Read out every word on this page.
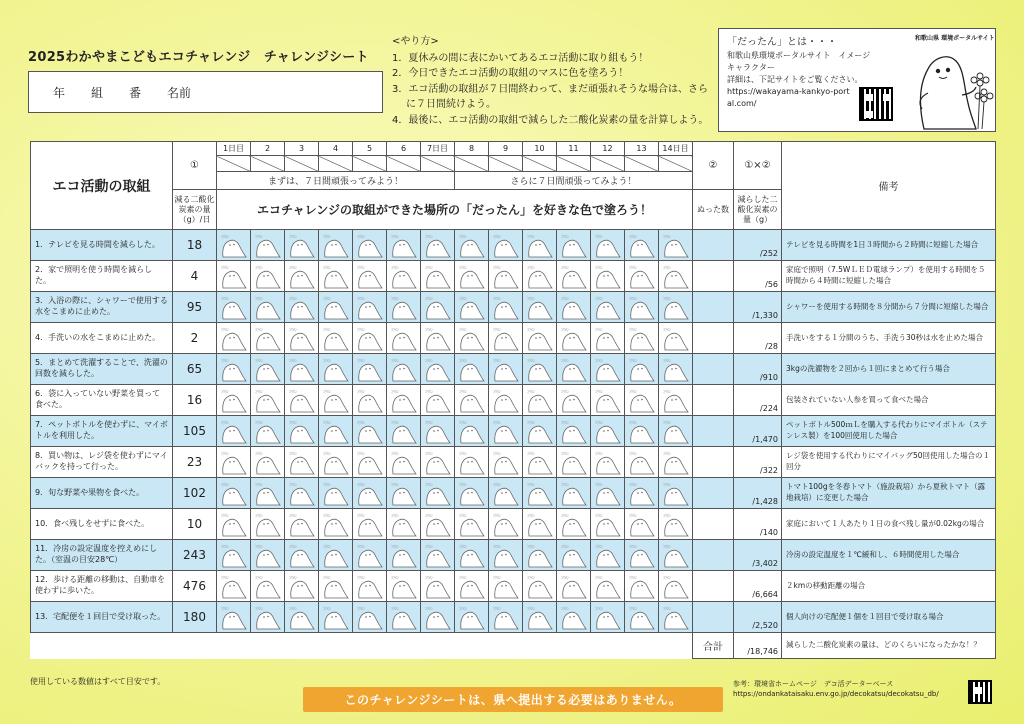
2025わかやまこどもエコチャレンジ　チャレンジシート
年 組 番 名前
<やり方>
1．夏休みの間に表にかいてあるエコ活動に取り組もう！
2．今日できたエコ活動の取組のマスに色を塗ろう！
3．エコ活動の取組が７日間終わって、まだ頑張れそうな場合は、さらに７日間続けよう。
4．最後に、エコ活動の取組で減らした二酸化炭素の量を計算しよう。
「だったん」とは・・・
和歌山県環境ポータルサイト　イメージキャラクター
詳細は、下記サイトをご覧ください。
https://wakayama-kankyo-portal.com/
和歌山県 環境ポータルサイト
エコ活動の取組	①	1日目	2	3	4	5	6	7日目	8	9	10	11	12	13	14日目	②	①×②	備考

		まずは、７日間頑張ってみよう！							さらに７日間頑張ってみよう！									
	減る二酸化炭素の量（g）/日	エコチャレンジの取組ができた場所の「だったん」を好きな色で塗ろう！														ぬった数	減らした二酸化炭素の量（g）	
1．テレビを見る時間を減らした。	18	ｺｳｶﾝ	ｺｳｶﾝ	ｺｳｶﾝ	ｺｳｶﾝ	ｺｳｶﾝ	ｺｳｶﾝ	ｺｳｶﾝ	ｺｳｶﾝ	ｺｳｶﾝ	ｺｳｶﾝ	ｺｳｶﾝ	ｺｳｶﾝ	ｺｳｶﾝ	ｺｳｶﾝ		/252	テレビを見る時間を1日３時間から２時間に短縮した場合
2．家で照明を使う時間を減らした。	4	ｺｳｶﾝ	ｺｳｶﾝ	ｺｳｶﾝ	ｺｳｶﾝ	ｺｳｶﾝ	ｺｳｶﾝ	ｺｳｶﾝ	ｺｳｶﾝ	ｺｳｶﾝ	ｺｳｶﾝ	ｺｳｶﾝ	ｺｳｶﾝ	ｺｳｶﾝ	ｺｳｶﾝ		/56	家庭で照明（7.5WＬＥＤ電球ランプ）を使用する時間を５時間から４時間に短縮した場合
3．入浴の際に、シャワーで使用する水をこまめに止めた。	95	ｺｳｶﾝ	ｺｳｶﾝ	ｺｳｶﾝ	ｺｳｶﾝ	ｺｳｶﾝ	ｺｳｶﾝ	ｺｳｶﾝ	ｺｳｶﾝ	ｺｳｶﾝ	ｺｳｶﾝ	ｺｳｶﾝ	ｺｳｶﾝ	ｺｳｶﾝ	ｺｳｶﾝ		/1,330	シャワーを使用する時間を８分間から７分間に短縮した場合
4．手洗いの水をこまめに止めた。	2	ｺｳｶﾝ	ｺｳｶﾝ	ｺｳｶﾝ	ｺｳｶﾝ	ｺｳｶﾝ	ｺｳｶﾝ	ｺｳｶﾝ	ｺｳｶﾝ	ｺｳｶﾝ	ｺｳｶﾝ	ｺｳｶﾝ	ｺｳｶﾝ	ｺｳｶﾝ	ｺｳｶﾝ		/28	手洗いをする１分間のうち、手洗う30秒は水を止めた場合
5．まとめて洗濯することで、洗濯の回数を減らした。	65	ｺｳｶﾝ	ｺｳｶﾝ	ｺｳｶﾝ	ｺｳｶﾝ	ｺｳｶﾝ	ｺｳｶﾝ	ｺｳｶﾝ	ｺｳｶﾝ	ｺｳｶﾝ	ｺｳｶﾝ	ｺｳｶﾝ	ｺｳｶﾝ	ｺｳｶﾝ	ｺｳｶﾝ		/910	3kgの洗濯物を２回から１回にまとめて行う場合
6．袋に入っていない野菜を買って食べた。	16	ｺｳｶﾝ	ｺｳｶﾝ	ｺｳｶﾝ	ｺｳｶﾝ	ｺｳｶﾝ	ｺｳｶﾝ	ｺｳｶﾝ	ｺｳｶﾝ	ｺｳｶﾝ	ｺｳｶﾝ	ｺｳｶﾝ	ｺｳｶﾝ	ｺｳｶﾝ	ｺｳｶﾝ		/224	包装されていない人参を買って食べた場合
7．ペットボトルを使わずに、マイボトルを利用した。	105	ｺｳｶﾝ	ｺｳｶﾝ	ｺｳｶﾝ	ｺｳｶﾝ	ｺｳｶﾝ	ｺｳｶﾝ	ｺｳｶﾝ	ｺｳｶﾝ	ｺｳｶﾝ	ｺｳｶﾝ	ｺｳｶﾝ	ｺｳｶﾝ	ｺｳｶﾝ	ｺｳｶﾝ		/1,470	ペットボトル500ｍＬを購入する代わりにマイボトル（ステンレス製）を100回使用した場合
8．買い物は、レジ袋を使わずにマイバックを持って行った。	23	ｺｳｶﾝ	ｺｳｶﾝ	ｺｳｶﾝ	ｺｳｶﾝ	ｺｳｶﾝ	ｺｳｶﾝ	ｺｳｶﾝ	ｺｳｶﾝ	ｺｳｶﾝ	ｺｳｶﾝ	ｺｳｶﾝ	ｺｳｶﾝ	ｺｳｶﾝ	ｺｳｶﾝ		/322	レジ袋を使用する代わりにマイバッグ50回使用した場合の１回分
9．旬な野菜や果物を食べた。	102	ｺｳｶﾝ	ｺｳｶﾝ	ｺｳｶﾝ	ｺｳｶﾝ	ｺｳｶﾝ	ｺｳｶﾝ	ｺｳｶﾝ	ｺｳｶﾝ	ｺｳｶﾝ	ｺｳｶﾝ	ｺｳｶﾝ	ｺｳｶﾝ	ｺｳｶﾝ	ｺｳｶﾝ		/1,428	トマト100gを冬春トマト（施設栽培）から夏秋トマト（露地栽培）に変更した場合
10．食べ残しをせずに食べた。	10	ｺｳｶﾝ	ｺｳｶﾝ	ｺｳｶﾝ	ｺｳｶﾝ	ｺｳｶﾝ	ｺｳｶﾝ	ｺｳｶﾝ	ｺｳｶﾝ	ｺｳｶﾝ	ｺｳｶﾝ	ｺｳｶﾝ	ｺｳｶﾝ	ｺｳｶﾝ	ｺｳｶﾝ		/140	家庭において１人あたり１日の食べ残し量が0.02kgの場合
11．冷房の設定温度を控えめにした。（室温の目安28℃）	243	ｺｳｶﾝ	ｺｳｶﾝ	ｺｳｶﾝ	ｺｳｶﾝ	ｺｳｶﾝ	ｺｳｶﾝ	ｺｳｶﾝ	ｺｳｶﾝ	ｺｳｶﾝ	ｺｳｶﾝ	ｺｳｶﾝ	ｺｳｶﾝ	ｺｳｶﾝ	ｺｳｶﾝ		/3,402	冷房の設定温度を１℃緩和し、６時間使用した場合
12．歩ける距離の移動は、自動車を使わずに歩いた。	476	ｺｳｶﾝ	ｺｳｶﾝ	ｺｳｶﾝ	ｺｳｶﾝ	ｺｳｶﾝ	ｺｳｶﾝ	ｺｳｶﾝ	ｺｳｶﾝ	ｺｳｶﾝ	ｺｳｶﾝ	ｺｳｶﾝ	ｺｳｶﾝ	ｺｳｶﾝ	ｺｳｶﾝ		/6,664	２kmの移動距離の場合
13．宅配便を１回目で受け取った。	180	ｺｳｶﾝ	ｺｳｶﾝ	ｺｳｶﾝ	ｺｳｶﾝ	ｺｳｶﾝ	ｺｳｶﾝ	ｺｳｶﾝ	ｺｳｶﾝ	ｺｳｶﾝ	ｺｳｶﾝ	ｺｳｶﾝ	ｺｳｶﾝ	ｺｳｶﾝ	ｺｳｶﾝ		/2,520	個人向けの宅配便１個を１回目で受け取る場合
																合計	/18,746	減らした二酸化炭素の量は、どのくらいになったかな！？
使用している数値はすべて目安です。
このチャレンジシートは、県へ提出する必要はありません。
参考：環境省ホームページ　デコ活データーベース
https://ondankataisaku.env.go.jp/decokatsu/decokatsu_db/
